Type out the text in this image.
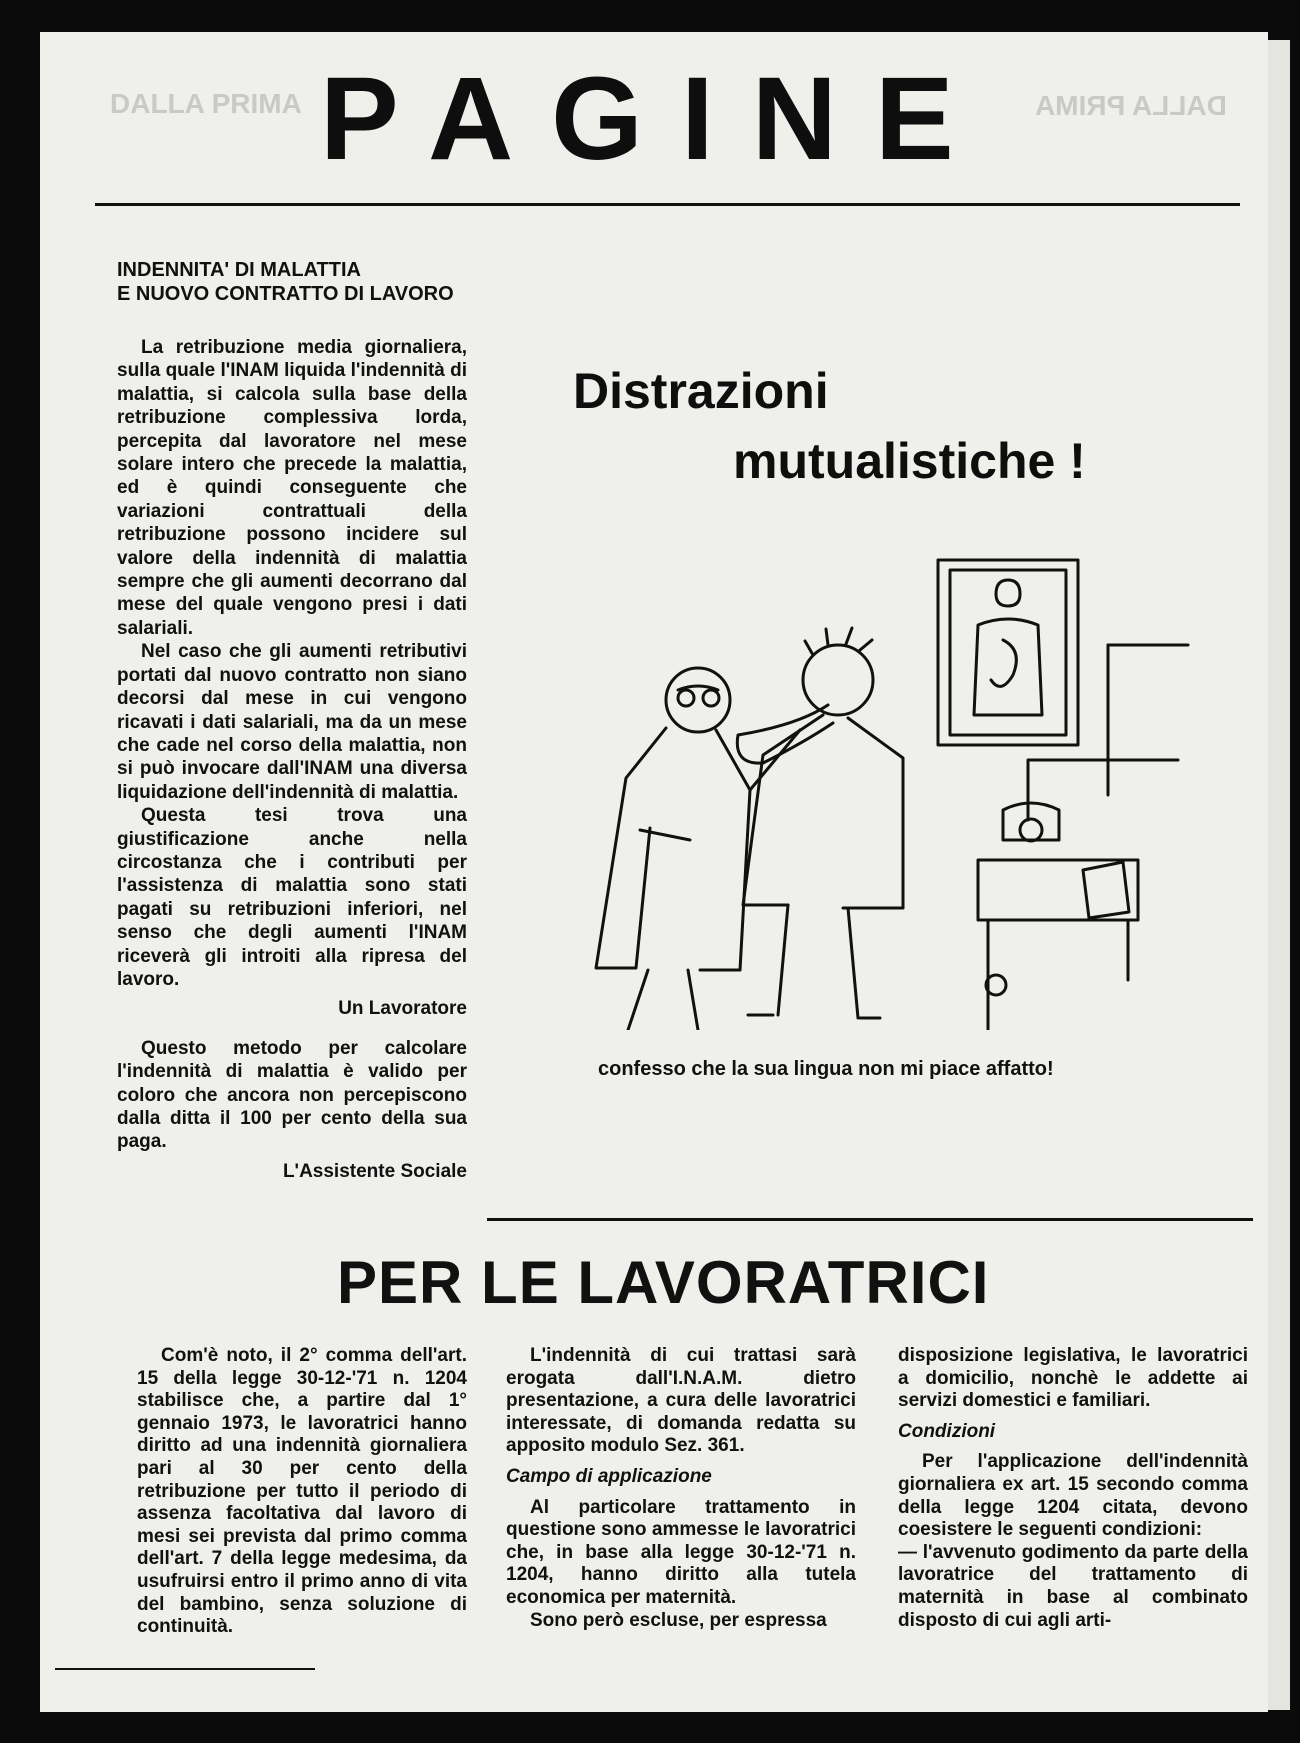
DALLA PRIMA	DALLA PRIMA
PAGINE
INDENNITA' DI MALATTIA
E NUOVO CONTRATTO DI LAVORO

La retribuzione media giornaliera, sulla quale l'INAM liquida l'indennità di malattia, si calcola sulla base della retribuzione complessiva lorda, percepita dal lavoratore nel mese solare intero che precede la malattia, ed è quindi conseguente che variazioni contrattuali della retribuzione possono incidere sul valore della indennità di malattia sempre che gli aumenti decorrano dal mese del quale vengono presi i dati salariali.

Nel caso che gli aumenti retributivi portati dal nuovo contratto non siano decorsi dal mese in cui vengono ricavati i dati salariali, ma da un mese che cade nel corso della malattia, non si può invocare dall'INAM una diversa liquidazione dell'indennità di malattia.

Questa tesi trova una giustificazione anche nella circostanza che i contributi per l'assistenza di malattia sono stati pagati su retribuzioni inferiori, nel senso che degli aumenti l'INAM riceverà gli introiti alla ripresa del lavoro.

Un Lavoratore

Questo metodo per calcolare l'indennità di malattia è valido per coloro che ancora non percepiscono dalla ditta il 100 per cento della sua paga.

L'Assistente Sociale

Distrazioni
mutualistiche !
confesso che la sua lingua non mi piace affatto!
PER LE LAVORATRICI

Com'è noto, il 2° comma dell'art. 15 della legge 30-12-'71 n. 1204 stabilisce che, a partire dal 1° gennaio 1973, le lavoratrici hanno diritto ad una indennità giornaliera pari al 30 per cento della retribuzione per tutto il periodo di assenza facoltativa dal lavoro di mesi sei prevista dal primo comma dell'art. 7 della legge medesima, da usufruirsi entro il primo anno di vita del bambino, senza soluzione di continuità.

L'indennità di cui trattasi sarà erogata dall'I.N.A.M. dietro presentazione, a cura delle lavoratrici interessate, di domanda redatta su apposito modulo Sez. 361.

Campo di applicazione

Al particolare trattamento in questione sono ammesse le lavoratrici che, in base alla legge 30-12-'71 n. 1204, hanno diritto alla tutela economica per maternità.

Sono però escluse, per espressa

disposizione legislativa, le lavoratrici a domicilio, nonchè le addette ai servizi domestici e familiari.

Condizioni

Per l'applicazione dell'indennità giornaliera ex art. 15 secondo comma della legge 1204 citata, devono coesistere le seguenti condizioni:

— l'avvenuto godimento da parte della lavoratrice del trattamento di maternità in base al combinato disposto di cui agli arti-
